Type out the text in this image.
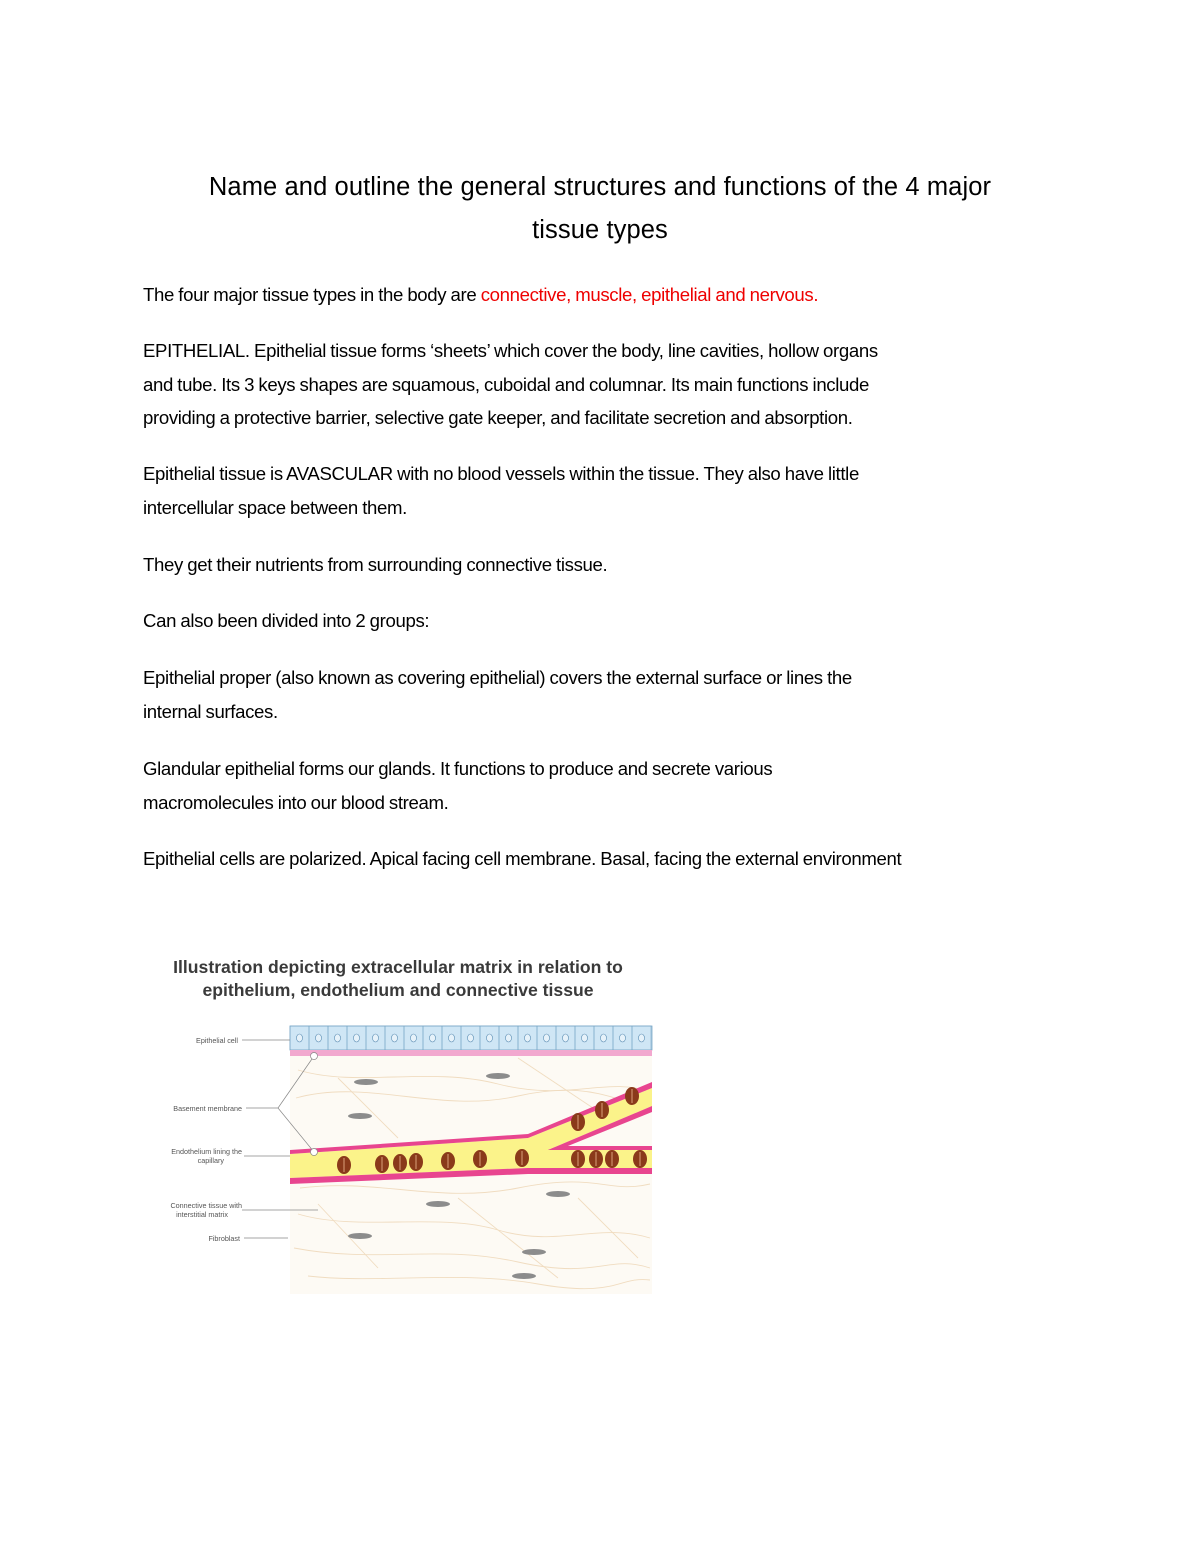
Name and outline the general structures and functions of the 4 major
tissue types

The four major tissue types in the body are connective, muscle, epithelial and nervous.

EPITHELIAL. Epithelial tissue forms ‘sheets’ which cover the body, line cavities, hollow organs
and tube. Its 3 keys shapes are squamous, cuboidal and columnar. Its main functions include
providing a protective barrier, selective gate keeper, and facilitate secretion and absorption.

Epithelial tissue is AVASCULAR with no blood vessels within the tissue. They also have little
intercellular space between them.

They get their nutrients from surrounding connective tissue.

Can also been divided into 2 groups:

Epithelial proper (also known as covering epithelial) covers the external surface or lines the
internal surfaces.

Glandular epithelial forms our glands. It functions to produce and secrete various
macromolecules into our blood stream.

Epithelial cells are polarized. Apical facing cell membrane. Basal, facing the external environment

Illustration depicting extracellular matrix in relation to
epithelium, endothelium and connective tissue

Epithelial cell
Basement membrane
Endothelium lining the
capillary
Connective tissue with
interstitial matrix
Fibroblast
